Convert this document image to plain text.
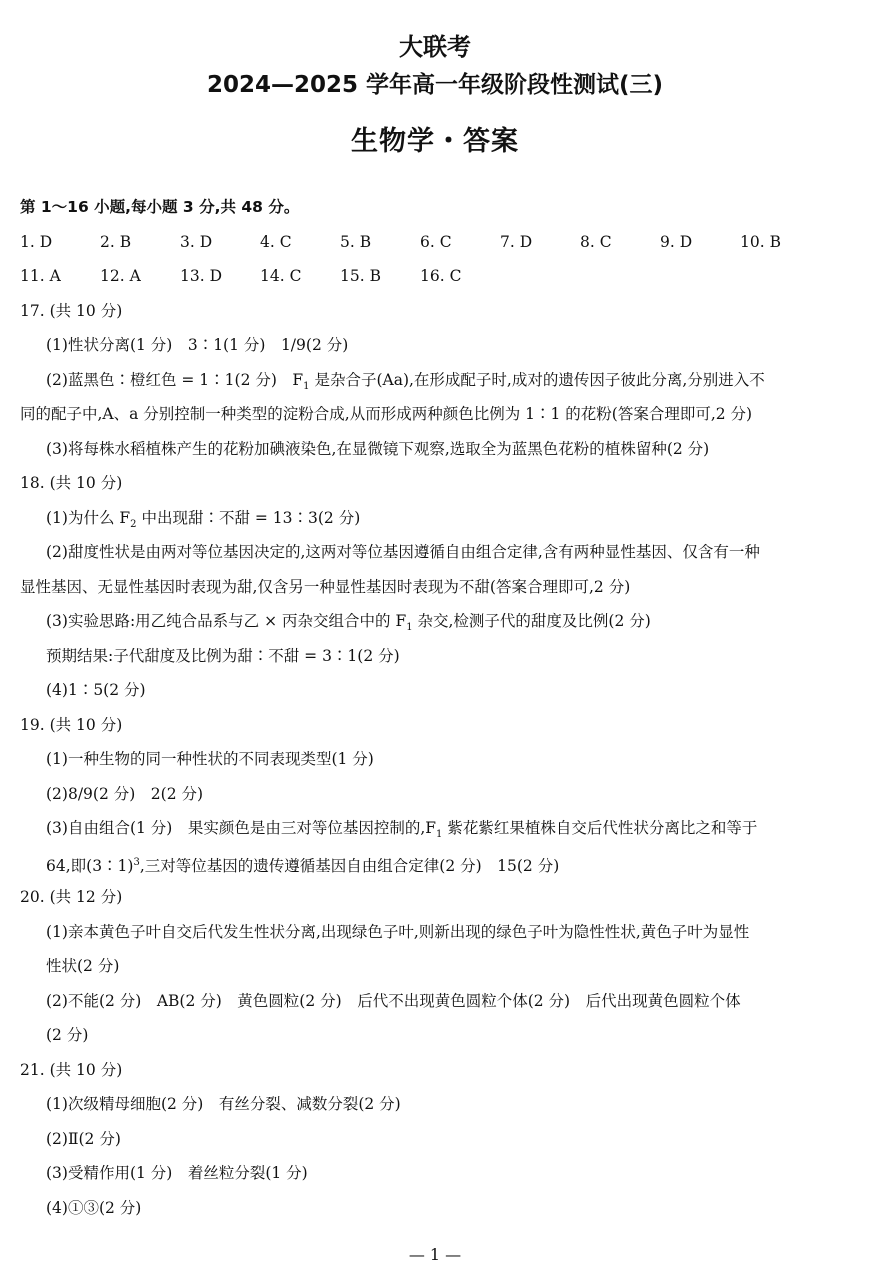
大联考
2024—2025 学年高一年级阶段性测试(三)
生物学・答案
第 1～16 小题,每小题 3 分,共 48 分。
1. D	2. B	3. D	4. C	5. B	6. C	7. D	8. C	9. D	10. B
11. A	12. A	13. D	14. C	15. B	16. C
17. (共 10 分)
(1)性状分离(1 分)　3∶1(1 分)　1/9(2 分)
(2)蓝黑色∶橙红色 = 1∶1(2 分)　$F_1$ 是杂合子(Aa),在形成配子时,成对的遗传因子彼此分离,分别进入不
同的配子中,A、a 分别控制一种类型的淀粉合成,从而形成两种颜色比例为 1∶1 的花粉(答案合理即可,2 分)
(3)将每株水稻植株产生的花粉加碘液染色,在显微镜下观察,选取全为蓝黑色花粉的植株留种(2 分)
18. (共 10 分)
(1)为什么 $F_2$ 中出现甜∶不甜 = 13∶3(2 分)
(2)甜度性状是由两对等位基因决定的,这两对等位基因遵循自由组合定律,含有两种显性基因、仅含有一种
显性基因、无显性基因时表现为甜,仅含另一种显性基因时表现为不甜(答案合理即可,2 分)
(3)实验思路:用乙纯合品系与乙 × 丙杂交组合中的 $F_1$ 杂交,检测子代的甜度及比例(2 分)
预期结果:子代甜度及比例为甜∶不甜 = 3∶1(2 分)
(4)1∶5(2 分)
19. (共 10 分)
(1)一种生物的同一种性状的不同表现类型(1 分)
(2)8/9(2 分)　2(2 分)
(3)自由组合(1 分)　果实颜色是由三对等位基因控制的$,F_1$ 紫花紫红果植株自交后代性状分离比之和等于
64,即(3∶1)$^3$,三对等位基因的遗传遵循基因自由组合定律(2 分)　15(2 分)
20. (共 12 分)
(1)亲本黄色子叶自交后代发生性状分离,出现绿色子叶,则新出现的绿色子叶为隐性性状,黄色子叶为显性
性状(2 分)
(2)不能(2 分)　AB(2 分)　黄色圆粒(2 分)　后代不出现黄色圆粒个体(2 分)　后代出现黄色圆粒个体
(2 分)
21. (共 10 分)
(1)次级精母细胞(2 分)　有丝分裂、减数分裂(2 分)
(2)Ⅱ(2 分)
(3)受精作用(1 分)　着丝粒分裂(1 分)
(4)①③(2 分)
— 1 —
